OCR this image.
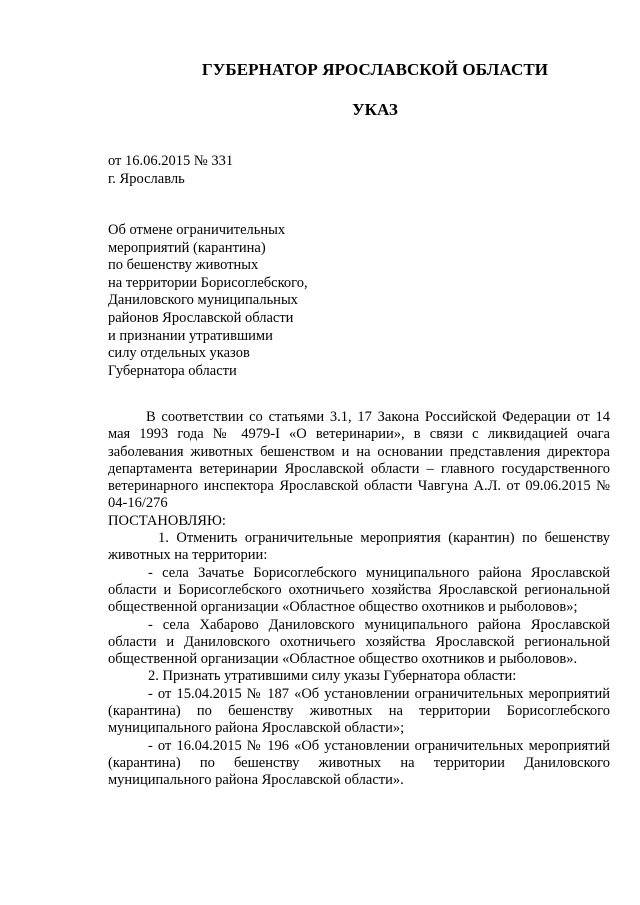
ГУБЕРНАТОР ЯРОСЛАВСКОЙ ОБЛАСТИ
УКАЗ
от 16.06.2015 № 331
г. Ярославль
Об отмене ограничительных
мероприятий (карантина)
по бешенству животных
на территории Борисоглебского,
Даниловского муниципальных
районов Ярославской области
и признании утратившими
силу отдельных указов
Губернатора области

В соответствии со статьями 3.1, 17 Закона Российской Федерации от 14 мая 1993 года № 4979-I «О ветеринарии», в связи с ликвидацией очага заболевания животных бешенством и на основании представления директора департамента ветеринарии Ярославской области – главного государственного ветеринарного инспектора Ярославской области Чавгуна А.Л. от 09.06.2015 № 04-16/276

ПОСТАНОВЛЯЮ:

1. Отменить ограничительные мероприятия (карантин) по бешенству животных на территории:

- села Зачатье Борисоглебского муниципального района Ярославской области и Борисоглебского охотничьего хозяйства Ярославской региональной общественной организации «Областное общество охотников и рыболовов»;

- села Хабарово Даниловского муниципального района Ярославской области и Даниловского охотничьего хозяйства Ярославской региональной общественной организации «Областное общество охотников и рыболовов».

2. Признать утратившими силу указы Губернатора области:

- от 15.04.2015 № 187 «Об установлении ограничительных мероприятий (карантина) по бешенству животных на территории Борисоглебского муниципального района Ярославской области»;

- от 16.04.2015 № 196 «Об установлении ограничительных мероприятий (карантина) по бешенству животных на территории Даниловского муниципального района Ярославской области».
